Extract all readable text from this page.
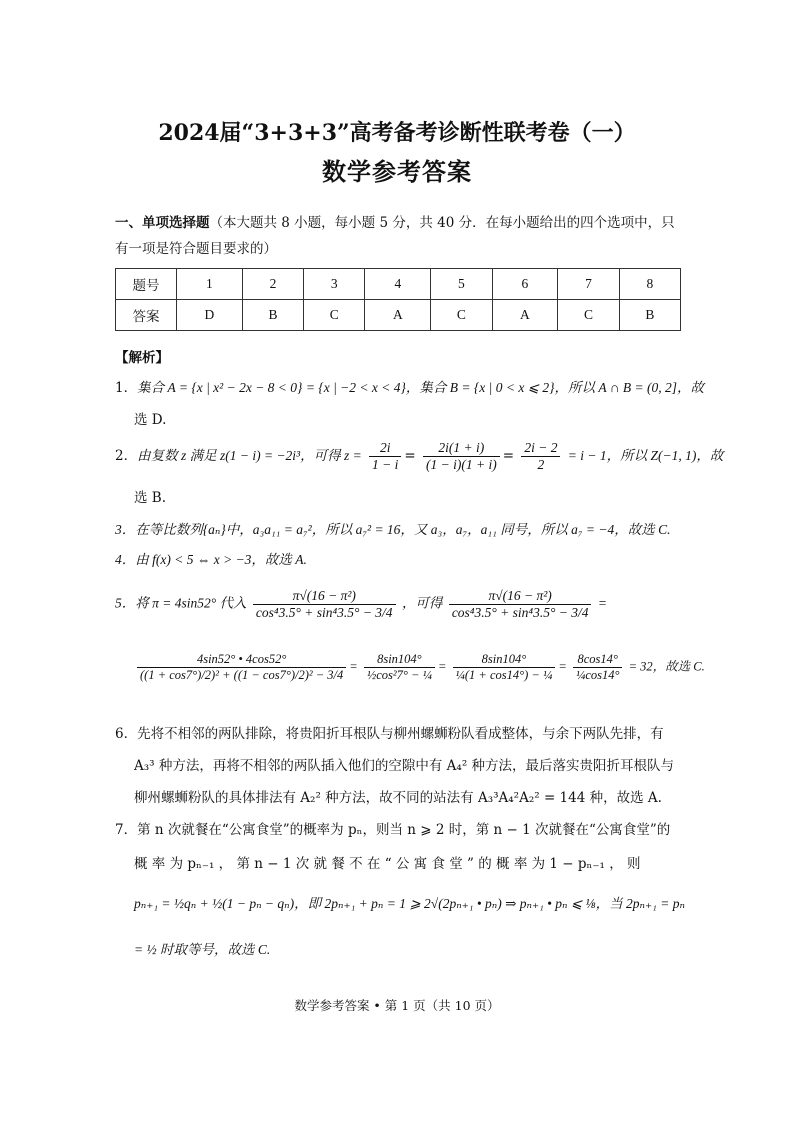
2024届“3+3+3”高考备考诊断性联考卷（一）
数学参考答案
一、单项选择题（本大题共 8 小题，每小题 5 分，共 40 分．在每小题给出的四个选项中，只
有一项是符合题目要求的）
题号	1	2	3	4	5	6	7	8
答案	D	B	C	A	C	A	C	B
【解析】
1．集合 A = {x | x² − 2x − 8 < 0} = {x | −2 < x < 4}，集合 B = {x | 0 < x ⩽ 2}，所以 A ∩ B = (0, 2]，故
选 D.
2．由复数 z 满足 z(1 − i) = −2i³，可得 $z = \frac{2i}{1 - i} = \frac{2i(1 + i)}{(1 - i)(1 + i)} = \frac{2i - 2}{2} = i - 1$，所以 Z(−1, 1)，故
选 B.
3．在等比数列{aₙ}中，a₃a₁₁ = a₇²，所以 a₇² = 16，又 a₃，a₇，a₁₁ 同号，所以 a₇ = −4，故选 C.
4．由 f(x) < 5 ⇔ x > −3，故选 A.
5．将 π = 4sin52° 代入 $\frac{\text{π√(16 − π²)}}{\text{cos⁴3.5° + sin⁴3.5° − 3/4}}$ ，可得 $\frac{\text{π√(16 − π²)}}{\text{cos⁴3.5° + sin⁴3.5° − 3/4}}$ =
$\frac{4\sin 52^\circ • 4\cos 52^\circ}{\text{((1 + cos7°)/2)² + ((1 − cos7°)/2)² − 3/4}} = \frac{8\sin 104^\circ}{\text{½cos²7° − ¼}} = \frac{8\sin 104^\circ}{\text{¼(1 + cos14°) − ¼}} = \frac{8\cos 14^\circ}{\text{¼cos14°}} = 32$，故选 C.
6．先将不相邻的两队排除，将贵阳折耳根队与柳州螺蛳粉队看成整体，与余下两队先排，有
A₃³ 种方法，再将不相邻的两队插入他们的空隙中有 A₄² 种方法，最后落实贵阳折耳根队与
柳州螺蛳粉队的具体排法有 A₂² 种方法，故不同的站法有 A₃³A₄²A₂² = 144 种，故选 A.
7．第 n 次就餐在“公寓食堂”的概率为 pₙ，则当 n ⩾ 2 时，第 n − 1 次就餐在“公寓食堂”的
概 率 为 pₙ₋₁ ， 第 n − 1 次 就 餐 不 在 “ 公 寓 食 堂 ” 的 概 率 为 1 − pₙ₋₁ ， 则
pₙ₊₁ = ½qₙ + ½(1 − pₙ − qₙ)，即 2pₙ₊₁ + pₙ = 1 ⩾ 2√(2pₙ₊₁ • pₙ) ⇒ pₙ₊₁ • pₙ ⩽ ⅛，当 2pₙ₊₁ = pₙ
= ½ 时取等号，故选 C.
数学参考答案 • 第 1 页（共 10 页）
